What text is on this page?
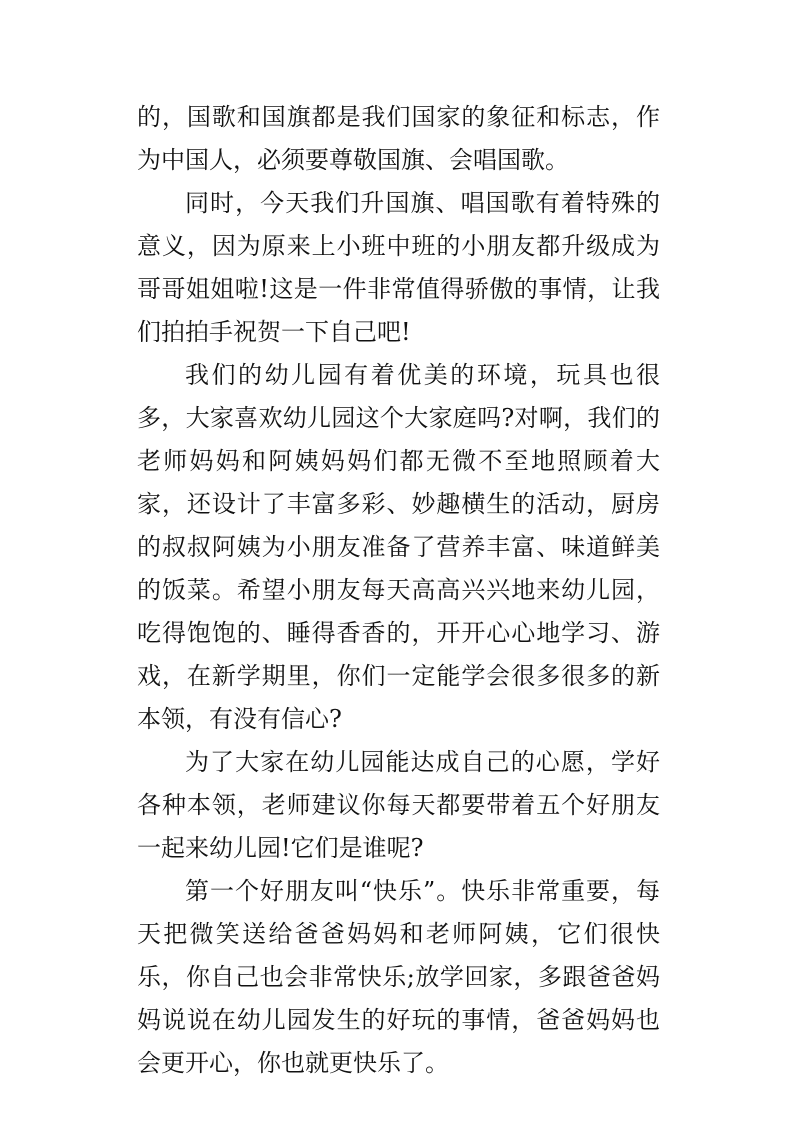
的，国歌和国旗都是我们国家的象征和标志，作为中国人，必须要尊敬国旗、会唱国歌。

同时，今天我们升国旗、唱国歌有着特殊的意义，因为原来上小班中班的小朋友都升级成为哥哥姐姐啦!这是一件非常值得骄傲的事情，让我们拍拍手祝贺一下自己吧!

我们的幼儿园有着优美的环境，玩具也很多，大家喜欢幼儿园这个大家庭吗?对啊，我们的老师妈妈和阿姨妈妈们都无微不至地照顾着大家，还设计了丰富多彩、妙趣横生的活动，厨房的叔叔阿姨为小朋友准备了营养丰富、味道鲜美的饭菜。希望小朋友每天高高兴兴地来幼儿园，吃得饱饱的、睡得香香的，开开心心地学习、游戏，在新学期里，你们一定能学会很多很多的新本领，有没有信心?

为了大家在幼儿园能达成自己的心愿，学好各种本领，老师建议你每天都要带着五个好朋友一起来幼儿园!它们是谁呢?

第一个好朋友叫“快乐”。快乐非常重要，每天把微笑送给爸爸妈妈和老师阿姨，它们很快乐，你自己也会非常快乐;放学回家，多跟爸爸妈妈说说在幼儿园发生的好玩的事情，爸爸妈妈也会更开心，你也就更快乐了。
